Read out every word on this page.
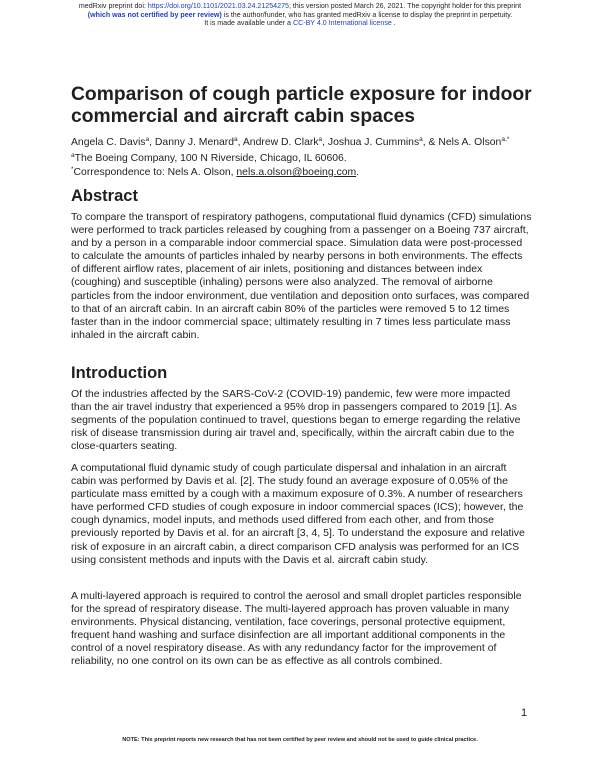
medRxiv preprint doi: https://doi.org/10.1101/2021.03.24.21254275; this version posted March 26, 2021. The copyright holder for this preprint
(which was not certified by peer review) is the author/funder, who has granted medRxiv a license to display the preprint in perpetuity.
It is made available under a CC-BY 4.0 International license .
Comparison of cough particle exposure for indoor commercial and aircraft cabin spaces
Angela C. Davis$^a$, Danny J. Menard$^a$, Andrew D. Clark$^a$, Joshua J. Cummins$^a$, & Nels A. Olson$^{a,*}$
$^a$The Boeing Company, 100 N Riverside, Chicago, IL 60606.
*Correspondence to: Nels A. Olson, nels.a.olson@boeing.com.
Abstract

To compare the transport of respiratory pathogens, computational fluid dynamics (CFD) simulations were performed to track particles released by coughing from a passenger on a Boeing 737 aircraft, and by a person in a comparable indoor commercial space. Simulation data were post-processed to calculate the amounts of particles inhaled by nearby persons in both environments. The effects of different airflow rates, placement of air inlets, positioning and distances between index (coughing) and susceptible (inhaling) persons were also analyzed. The removal of airborne particles from the indoor environment, due ventilation and deposition onto surfaces, was compared to that of an aircraft cabin. In an aircraft cabin 80% of the particles were removed 5 to 12 times faster than in the indoor commercial space; ultimately resulting in 7 times less particulate mass inhaled in the aircraft cabin.

Introduction

Of the industries affected by the SARS-CoV-2 (COVID-19) pandemic, few were more impacted than the air travel industry that experienced a 95% drop in passengers compared to 2019 [1]. As segments of the population continued to travel, questions began to emerge regarding the relative risk of disease transmission during air travel and, specifically, within the aircraft cabin due to the close-quarters seating.

A computational fluid dynamic study of cough particulate dispersal and inhalation in an aircraft cabin was performed by Davis et al. [2]. The study found an average exposure of 0.05% of the particulate mass emitted by a cough with a maximum exposure of 0.3%. A number of researchers have performed CFD studies of cough exposure in indoor commercial spaces (ICS); however, the cough dynamics, model inputs, and methods used differed from each other, and from those previously reported by Davis et al. for an aircraft [3, 4, 5]. To understand the exposure and relative risk of exposure in an aircraft cabin, a direct comparison CFD analysis was performed for an ICS using consistent methods and inputs with the Davis et al. aircraft cabin study.

A multi-layered approach is required to control the aerosol and small droplet particles responsible for the spread of respiratory disease. The multi-layered approach has proven valuable in many environments. Physical distancing, ventilation, face coverings, personal protective equipment, frequent hand washing and surface disinfection are all important additional components in the control of a novel respiratory disease. As with any redundancy factor for the improvement of reliability, no one control on its own can be as effective as all controls combined.

1
NOTE: This preprint reports new research that has not been certified by peer review and should not be used to guide clinical practice.
